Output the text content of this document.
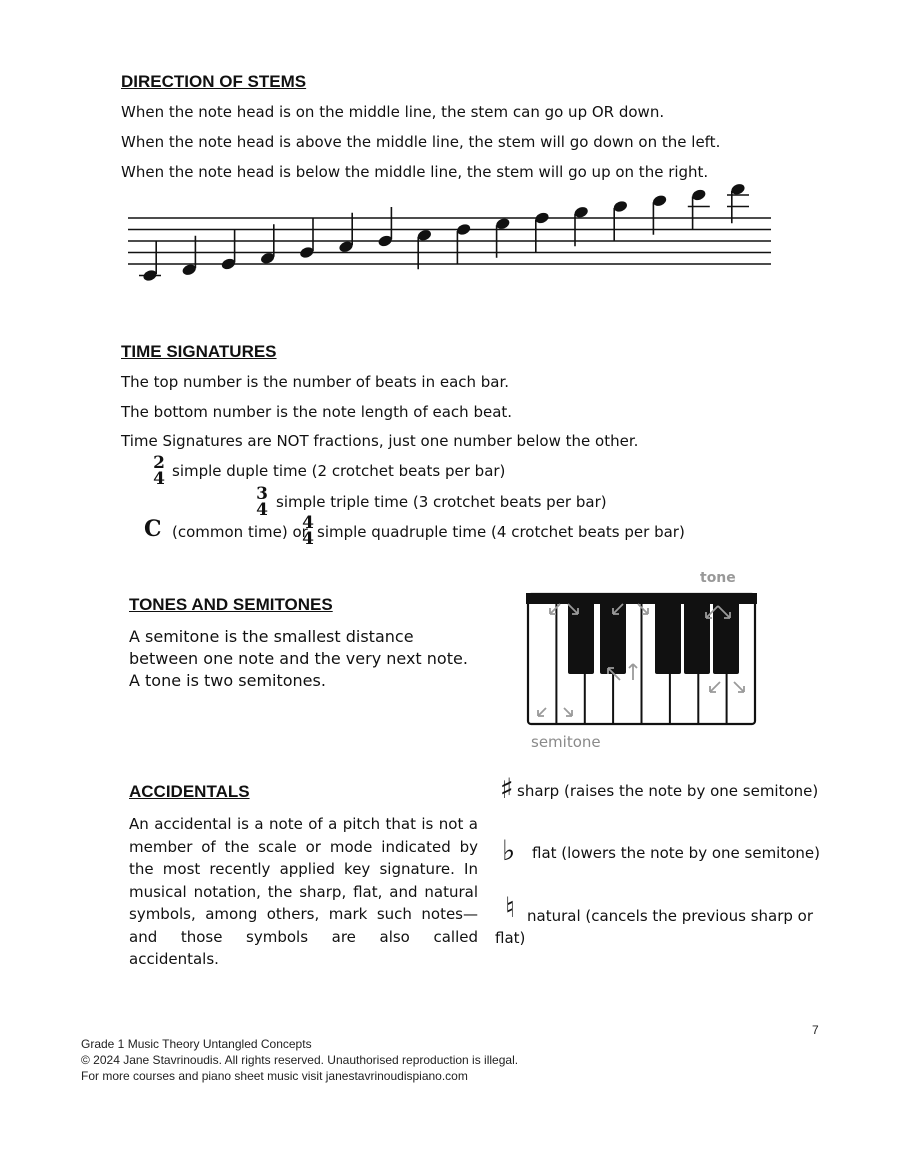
DIRECTION OF STEMS
When the note head is on the middle line, the stem can go up OR down.
When the note head is above the middle line, the stem will go down on the left.
When the note head is below the middle line, the stem will go up on the right.
TIME SIGNATURES
The top number is the number of beats in each bar.
The bottom number is the note length of each beat.
Time Signatures are NOT fractions, just one number below the other.
2
4 simple duple time (2 crotchet beats per bar)
3
4 simple triple time (3 crotchet beats per bar)
C (common time) or
4
4 simple quadruple time (4 crotchet beats per bar)
TONES AND SEMITONES
A semitone is the smallest distance between one note and the very next note. A tone is two semitones.
tone
semitone
ACCIDENTALS
An accidental is a note of a pitch that is not a member of the scale or mode indicated by the most recently applied key signature. In musical notation, the sharp, flat, and natural symbols, among others, mark such notes—and those symbols are also called accidentals.
♯ sharp (raises the note by one semitone)
♭ flat (lowers the note by one semitone)
♮ natural (cancels the previous sharp or flat)
7
Grade 1 Music Theory Untangled Concepts
© 2024 Jane Stavrinoudis. All rights reserved. Unauthorised reproduction is illegal.
For more courses and piano sheet music visit janestavrinoudispiano.com
